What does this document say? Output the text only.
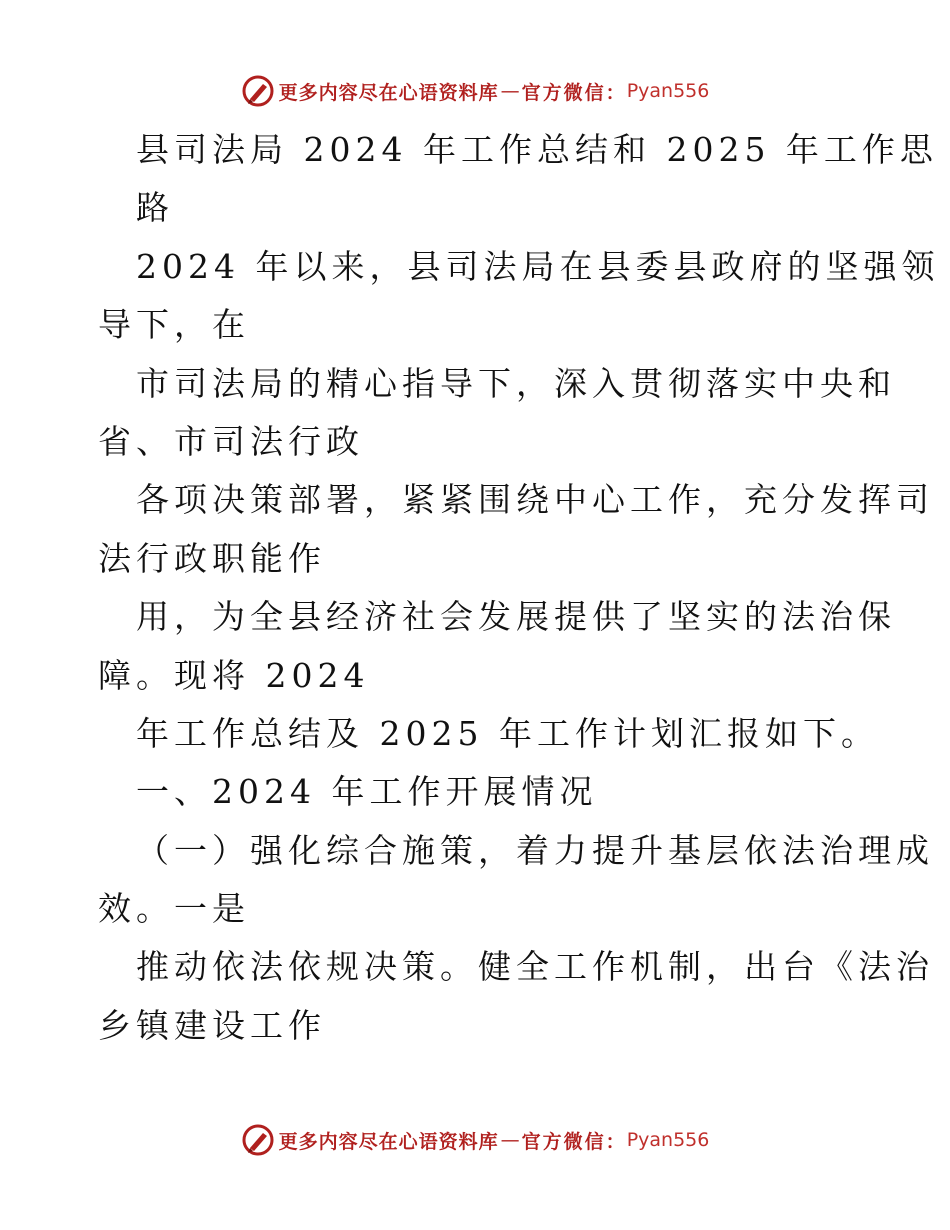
更多内容尽在心语资料库 — 官方微信： Pyan556
县司法局 2024 年工作总结和 2025 年工作思
路
2024 年以来，县司法局在县委县政府的坚强领
导下，在
市司法局的精心指导下，深入贯彻落实中央和
省、市司法行政
各项决策部署，紧紧围绕中心工作，充分发挥司
法行政职能作
用，为全县经济社会发展提供了坚实的法治保
障。现将 2024
年工作总结及 2025 年工作计划汇报如下。
一、2024 年工作开展情况
（一）强化综合施策，着力提升基层依法治理成
效。一是
推动依法依规决策。健全工作机制，出台《法治
乡镇建设工作
更多内容尽在心语资料库 — 官方微信： Pyan556
